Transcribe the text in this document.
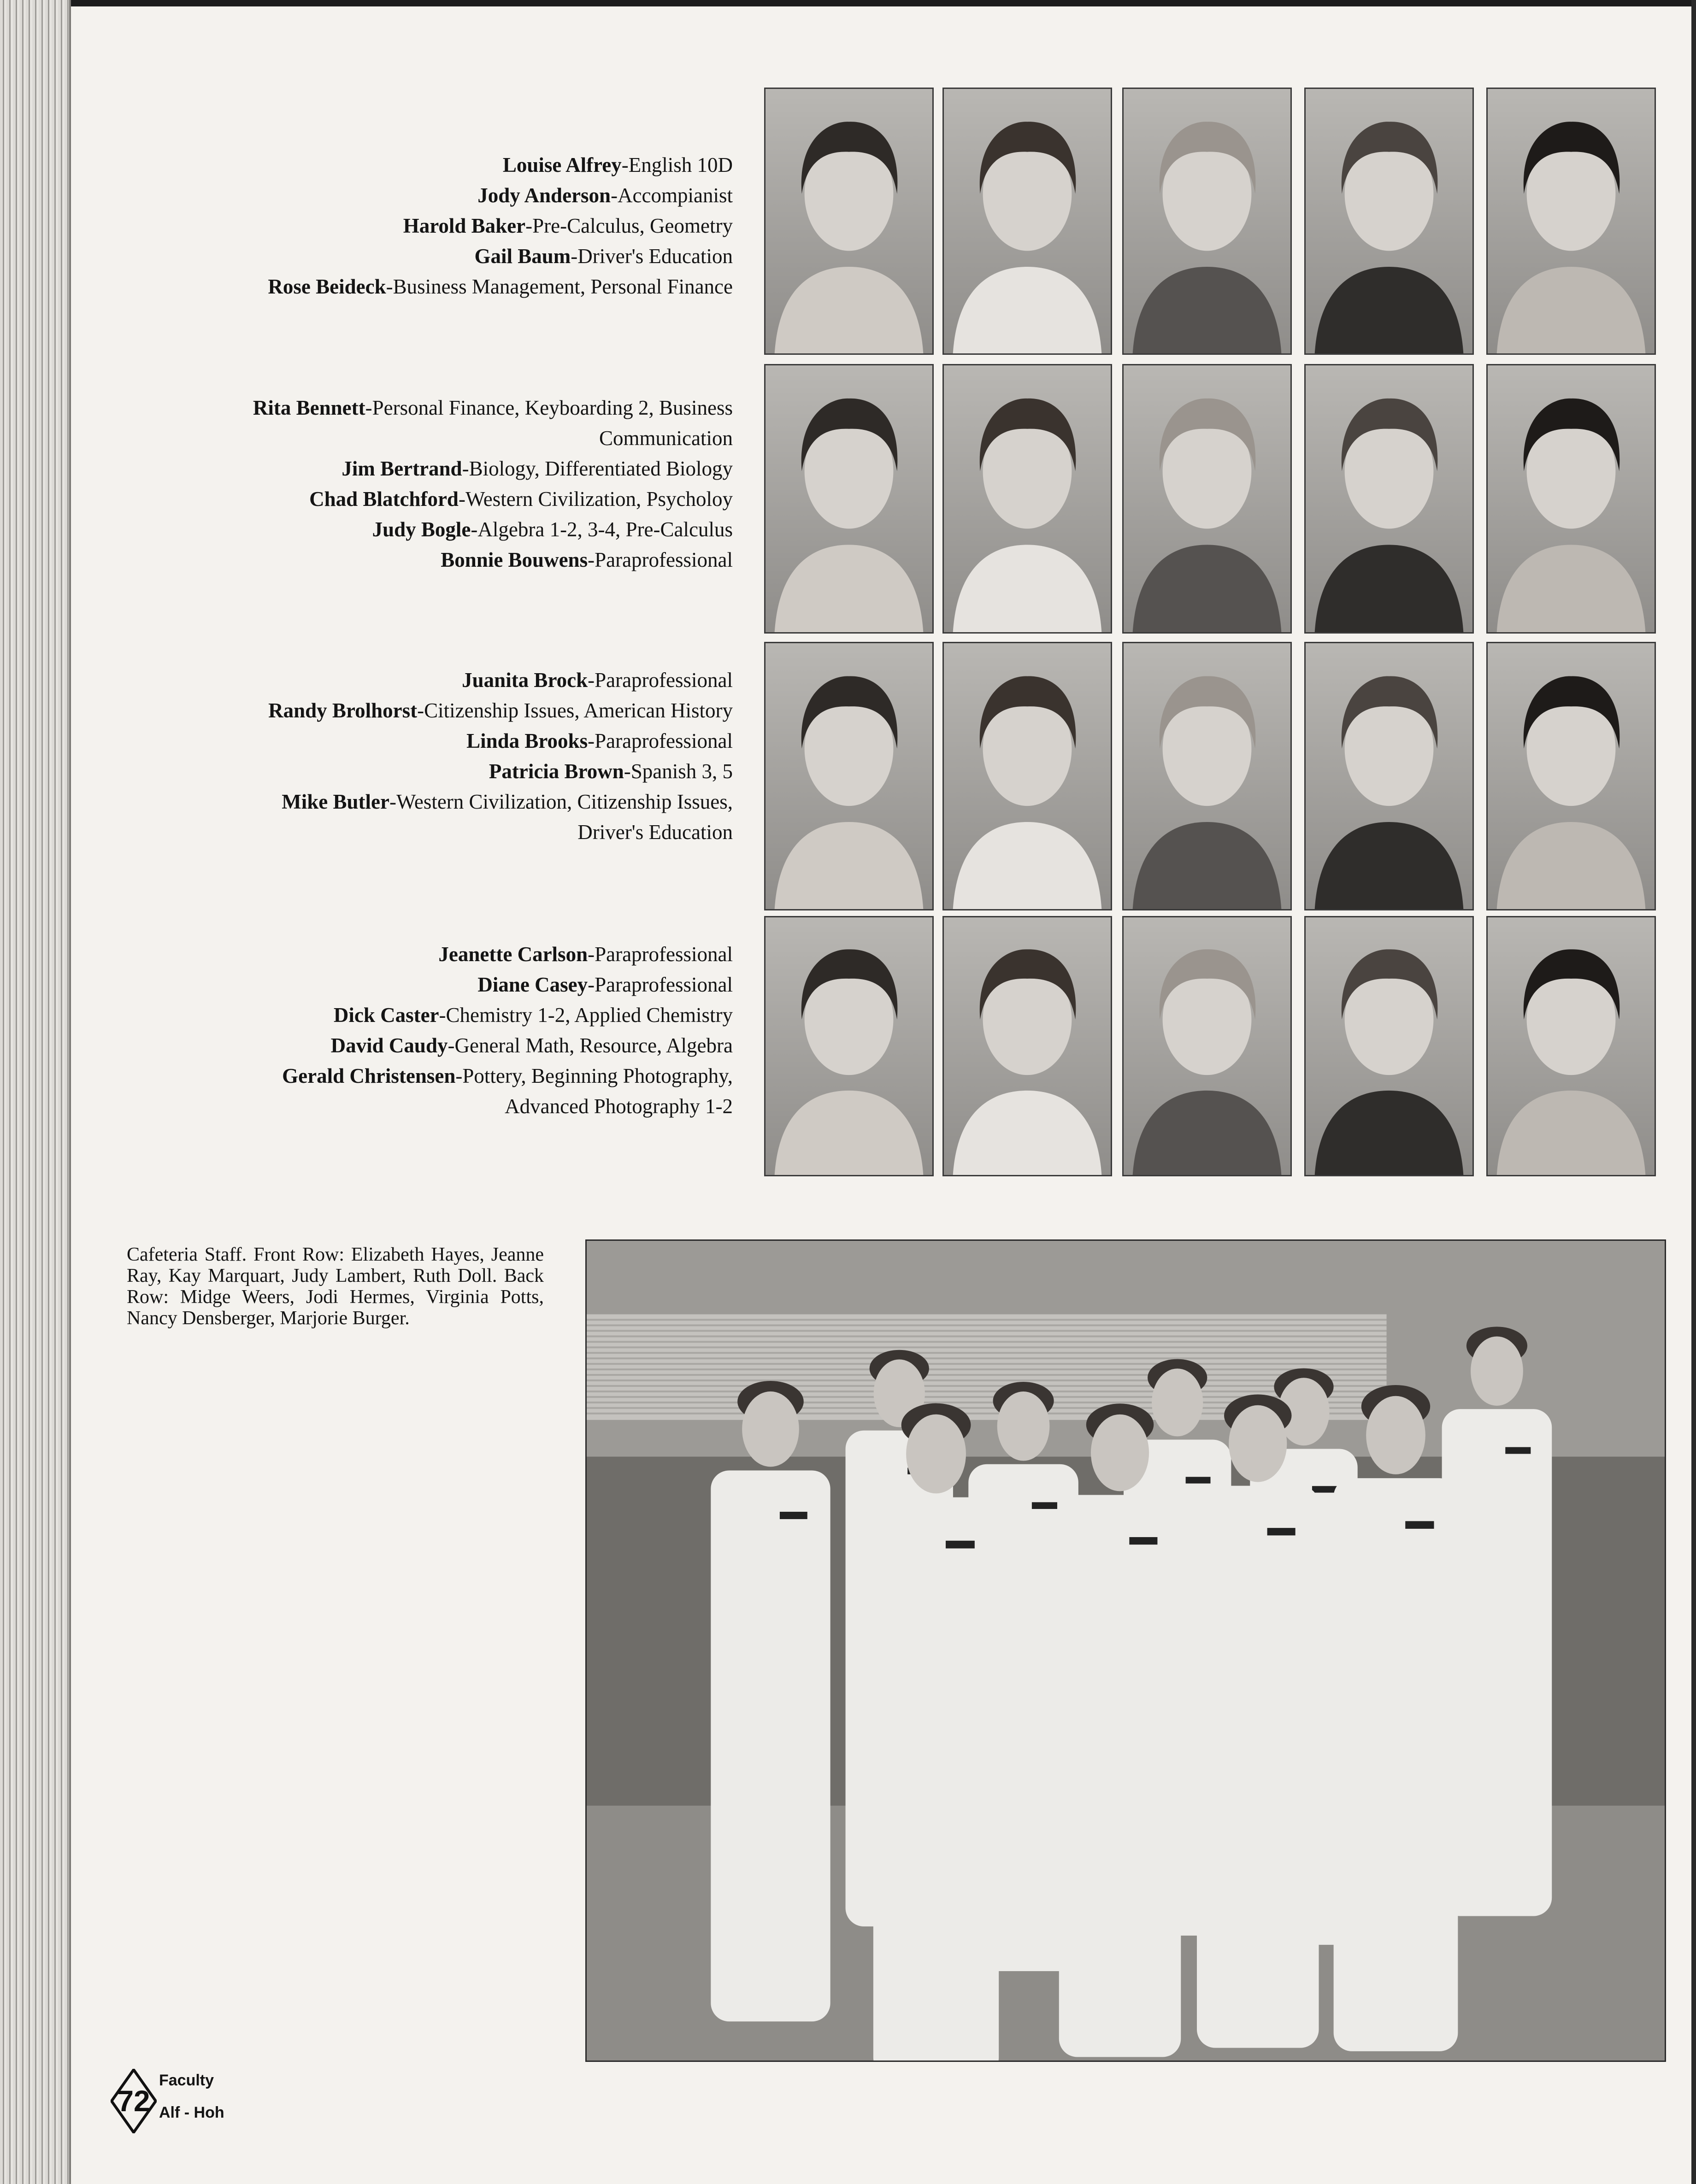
Louise Alfrey-English 10D
Jody Anderson-Accompianist
Harold Baker-Pre-Calculus, Geometry
Gail Baum-Driver's Education
Rose Beideck-Business Management, Personal Finance
Rita Bennett-Personal Finance, Keyboarding 2, Business
Communication
Jim Bertrand-Biology, Differentiated Biology
Chad Blatchford-Western Civilization, Psycholoy
Judy Bogle-Algebra 1-2, 3-4, Pre-Calculus
Bonnie Bouwens-Paraprofessional
Juanita Brock-Paraprofessional
Randy Brolhorst-Citizenship Issues, American History
Linda Brooks-Paraprofessional
Patricia Brown-Spanish 3, 5
Mike Butler-Western Civilization, Citizenship Issues,
Driver's Education
Jeanette Carlson-Paraprofessional
Diane Casey-Paraprofessional
Dick Caster-Chemistry 1-2, Applied Chemistry
David Caudy-General Math, Resource, Algebra
Gerald Christensen-Pottery, Beginning Photography,
Advanced Photography 1-2
Cafeteria Staff. Front Row: Elizabeth Hayes, Jeanne Ray, Kay Marquart, Judy Lambert, Ruth Doll. Back Row: Midge Weers, Jodi Hermes, Virginia Potts, Nancy Densberger, Marjorie Burger.
72
Faculty
Alf - Hoh
